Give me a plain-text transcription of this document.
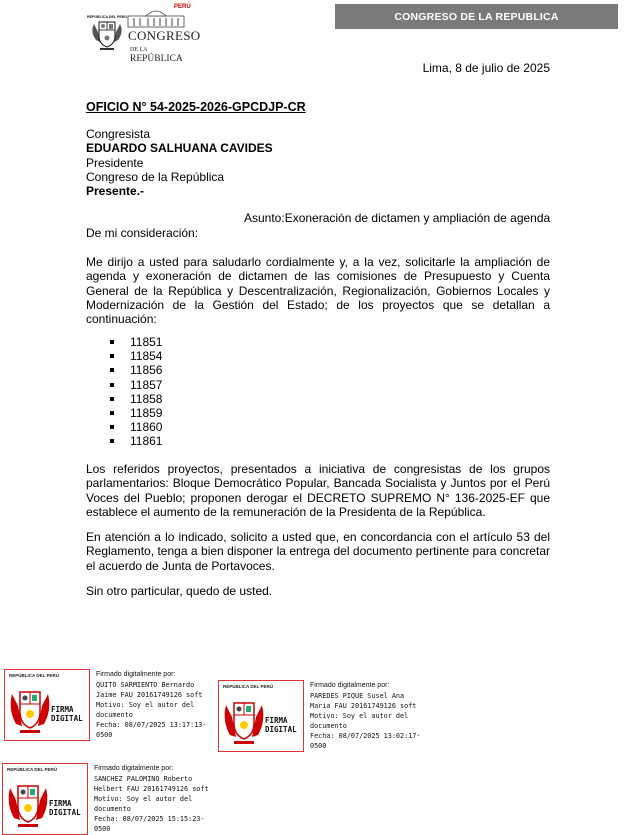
REPÚBLICA DEL PERÚ
PERÚ
CONGRESO
DE LA REPÚBLICA
CONGRESO DE LA REPUBLICA
Lima, 8 de julio de 2025
OFICIO N° 54-2025-2026-GPCDJP-CR
Congresista
EDUARDO SALHUANA CAVIDES
Presidente
Congreso de la República
Presente.-
Asunto:Exoneración de dictamen y ampliación de agenda
De mi consideración:
Me dirijo a usted para saludarlo cordialmente y, a la vez, solicitarle la ampliación de agenda y exoneración de dictamen de las comisiones de Presupuesto y Cuenta General de la República y Descentralización, Regionalización, Gobiernos Locales y Modernización de la Gestión del Estado; de los proyectos que se detallan a continuación:
11851
11854
11856
11857
11858
11859
11860
11861
Los referidos proyectos, presentados a iniciativa de congresistas de los grupos parlamentarios: Bloque Democrático Popular, Bancada Socialista y Juntos por el Perú Voces del Pueblo; proponen derogar el DECRETO SUPREMO N° 136-2025-EF que establece el aumento de la remuneración de la Presidenta de la República.
En atención a lo indicado, solicito a usted que, en concordancia con el artículo 53 del Reglamento, tenga a bien disponer la entrega del documento pertinente para concretar el acuerdo de Junta de Portavoces.
Sin otro particular, quedo de usted.
REPÚBLICA DEL PERÚ
FIRMA
DIGITAL
Firmado digitalmente por:
QUITO SARMIENTO Bernardo
Jaime FAU 20161749126 soft
Motivo: Soy el autor del
documento
Fecha: 08/07/2025 13:17:13-0500
REPÚBLICA DEL PERÚ
FIRMA
DIGITAL
Firmado digitalmente por:
PAREDES PIQUE Susel Ana
Maria FAU 20161749126 soft
Motivo: Soy el autor del
documento
Fecha: 08/07/2025 13:02:17-0500
REPÚBLICA DEL PERÚ
FIRMA
DIGITAL
Firmado digitalmente por:
SANCHEZ PALOMINO Roberto
Helbert FAU 20161749126 soft
Motivo: Soy el autor del
documento
Fecha: 08/07/2025 15:15:23-0500
